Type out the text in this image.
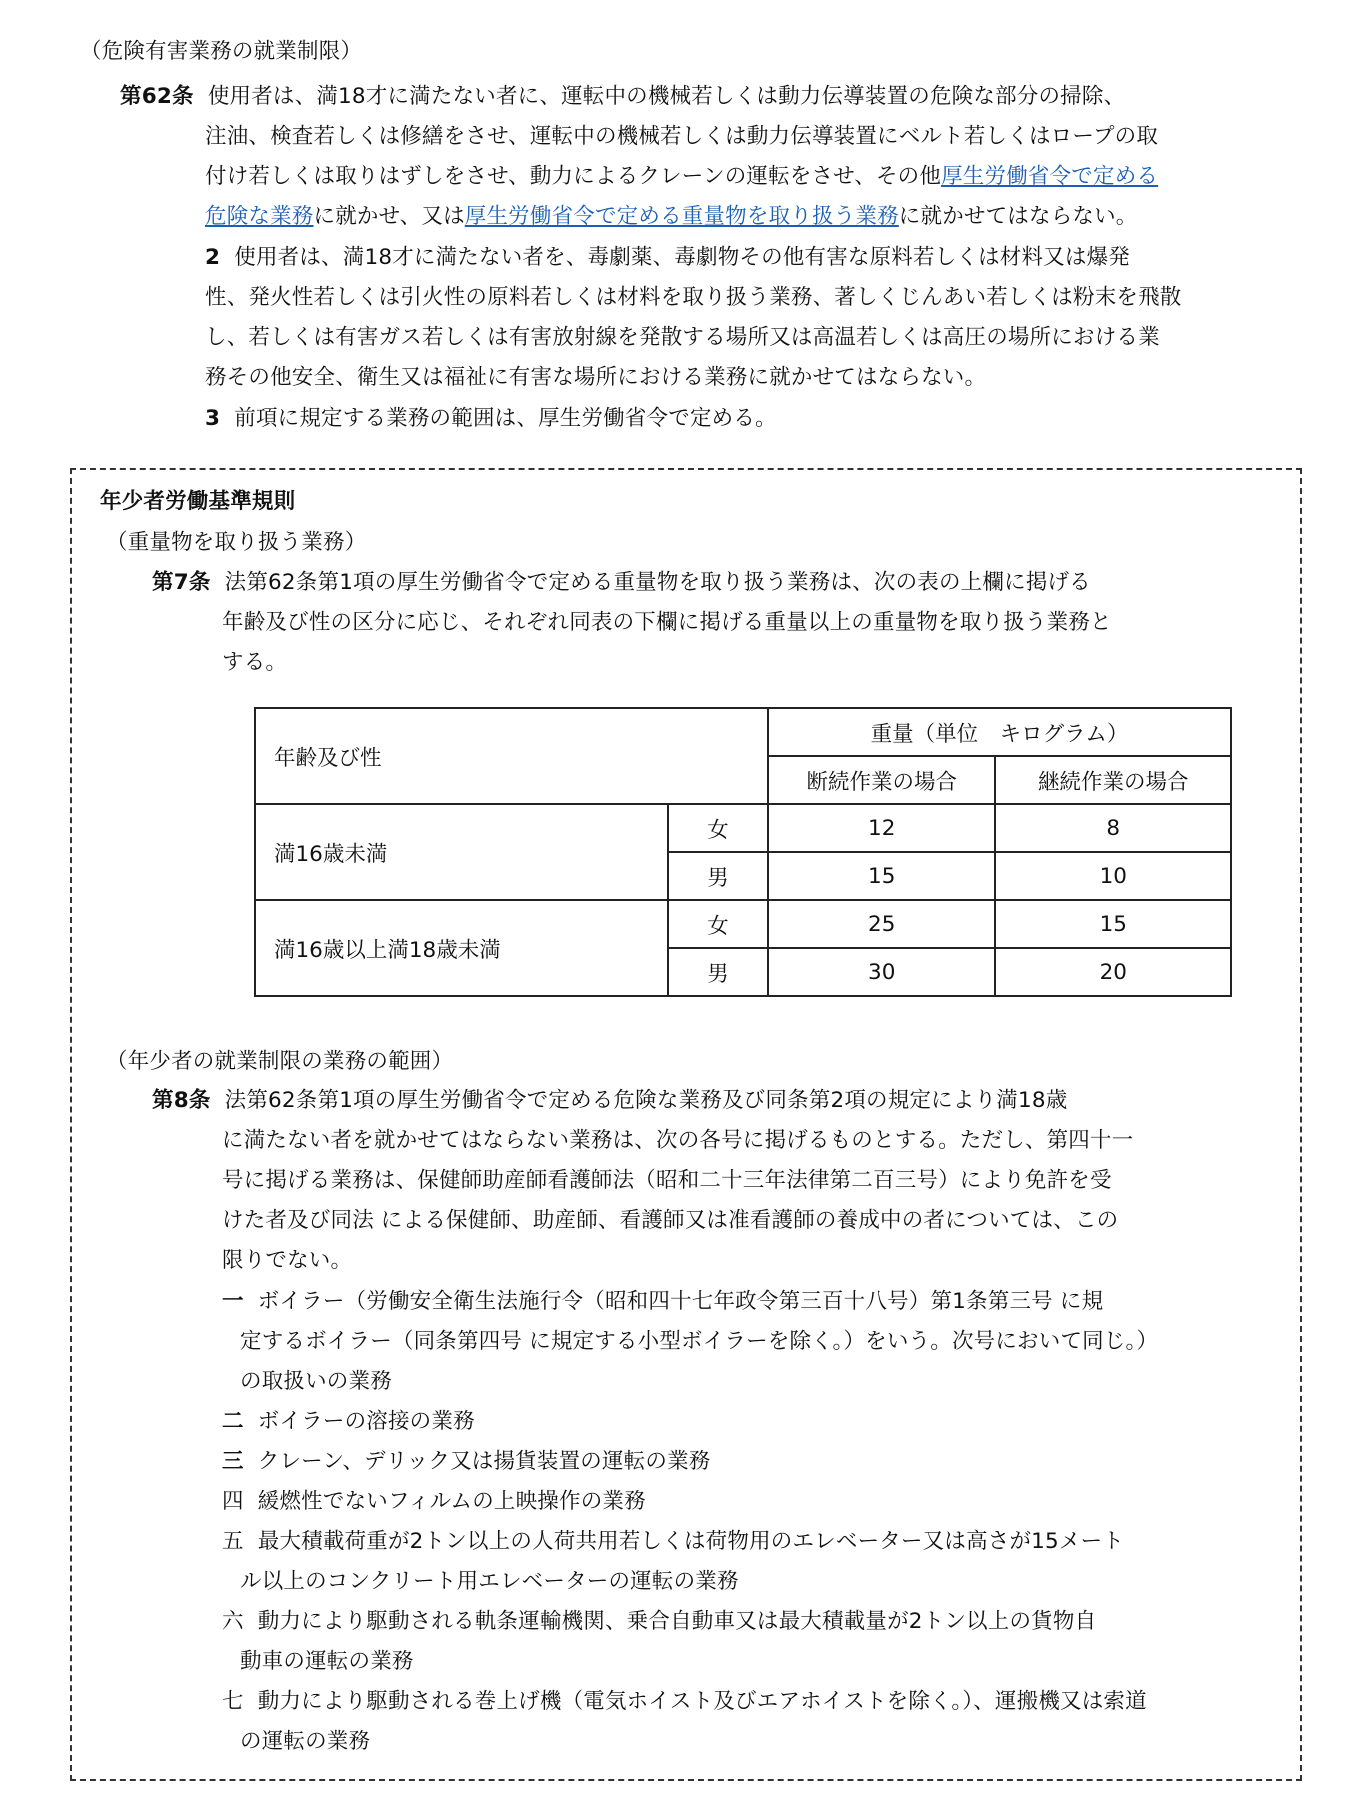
（危険有害業務の就業制限）
第62条 使用者は、満18才に満たない者に、運転中の機械若しくは動力伝導装置の危険な部分の掃除、
注油、検査若しくは修繕をさせ、運転中の機械若しくは動力伝導装置にベルト若しくはロープの取
付け若しくは取りはずしをさせ、動力によるクレーンの運転をさせ、その他厚生労働省令で定める
危険な業務に就かせ、又は厚生労働省令で定める重量物を取り扱う業務に就かせてはならない。
2 使用者は、満18才に満たない者を、毒劇薬、毒劇物その他有害な原料若しくは材料又は爆発
性、発火性若しくは引火性の原料若しくは材料を取り扱う業務、著しくじんあい若しくは粉末を飛散
し、若しくは有害ガス若しくは有害放射線を発散する場所又は高温若しくは高圧の場所における業
務その他安全、衛生又は福祉に有害な場所における業務に就かせてはならない。
3 前項に規定する業務の範囲は、厚生労働省令で定める。
年少者労働基準規則
（重量物を取り扱う業務）
第7条 法第62条第1項の厚生労働省令で定める重量物を取り扱う業務は、次の表の上欄に掲げる
年齢及び性の区分に応じ、それぞれ同表の下欄に掲げる重量以上の重量物を取り扱う業務と
する。
年齢及び性		重量（単位　キログラム）	
		断続作業の場合	継続作業の場合
満16歳未満	女	12	8
	男	15	10
満16歳以上満18歳未満	女	25	15
	男	30	20
（年少者の就業制限の業務の範囲）
第8条 法第62条第1項の厚生労働省令で定める危険な業務及び同条第2項の規定により満18歳
に満たない者を就かせてはならない業務は、次の各号に掲げるものとする。ただし、第四十一
号に掲げる業務は、保健師助産師看護師法（昭和二十三年法律第二百三号）により免許を受
けた者及び同法 による保健師、助産師、看護師又は准看護師の養成中の者については、この
限りでない。
一 ボイラー（労働安全衛生法施行令（昭和四十七年政令第三百十八号）第1条第三号 に規
定するボイラー（同条第四号 に規定する小型ボイラーを除く。）をいう。次号において同じ。）
の取扱いの業務
二 ボイラーの溶接の業務
三 クレーン、デリック又は揚貨装置の運転の業務
四 緩燃性でないフィルムの上映操作の業務
五 最大積載荷重が2トン以上の人荷共用若しくは荷物用のエレベーター又は高さが15メート
ル以上のコンクリート用エレベーターの運転の業務
六 動力により駆動される軌条運輸機関、乗合自動車又は最大積載量が2トン以上の貨物自
動車の運転の業務
七 動力により駆動される巻上げ機（電気ホイスト及びエアホイストを除く。）、運搬機又は索道
の運転の業務
